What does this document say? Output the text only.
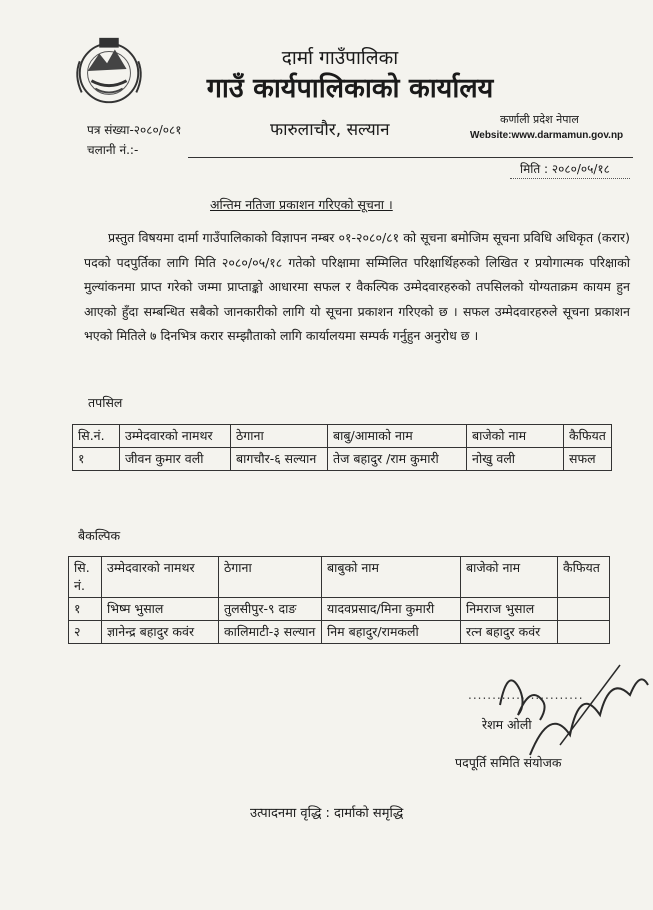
दार्मा गाउँपालिका
गाउँ कार्यपालिकाको कार्यालय
फारुलाचौर, सल्यान
कर्णाली प्रदेश नेपाल
Website:www.darmamun.gov.np
पत्र संख्या-२०८०/०८१
चलानी नं.:-
मिति : २०८०/०५/१८
अन्तिम नतिजा प्रकाशन गरिएको सूचना ।
प्रस्तुत विषयमा दार्मा गाउँपालिकाको विज्ञापन नम्बर ०१-२०८०/८१ को सूचना बमोजिम सूचना प्रविधि अधिकृत (करार) पदको पदपुर्तिका लागि मिति २०८०/०५/१८ गतेको परिक्षामा सम्मिलित परिक्षार्थिहरुको लिखित र प्रयोगात्मक परिक्षाको मुल्यांकनमा प्राप्त गरेको जम्मा प्राप्ताङ्को आधारमा सफल र वैकल्पिक उम्मेदवारहरुको तपसिलको योग्यताक्रम कायम हुन आएको हुँदा सम्बन्धित सबैको जानकारीको लागि यो सूचना प्रकाशन गरिएको छ । सफल उम्मेदवारहरुले सूचना प्रकाशन भएको मितिले ७ दिनभित्र करार सम्झौताको लागि कार्यालयमा सम्पर्क गर्नुहुन अनुरोध छ ।
तपसिल
सि.नं.	उम्मेदवारको नामथर	ठेगाना	बाबु/आमाको नाम	बाजेको नाम	कैफियत
१	जीवन कुमार वली	बागचौर-६ सल्यान	तेज बहादुर /राम कुमारी	नोखु वली	सफल
बैकल्पिक
सि. नं.	उम्मेदवारको नामथर	ठेगाना	बाबुको नाम	बाजेको नाम	कैफियत
१	भिष्म भुसाल	तुलसीपुर-९ दाङ	यादवप्रसाद/मिना कुमारी	निमराज भुसाल	
२	ज्ञानेन्द्र बहादुर कवंर	कालिमाटी-३ सल्यान	निम बहादुर/रामकली	रत्न बहादुर कवंर	
........................
रेशम ओली
पदपूर्ति समिति संयोजक
उत्पादनमा वृद्धि : दार्माको समृद्धि
